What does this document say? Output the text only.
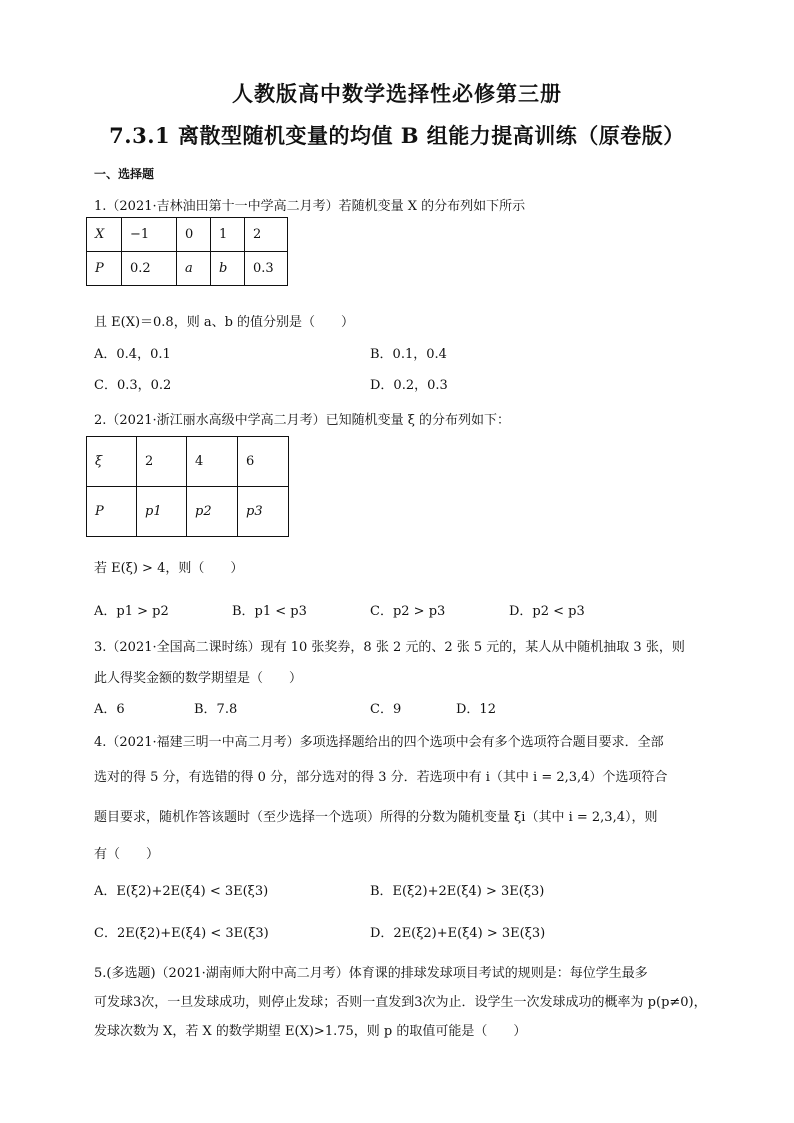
人教版高中数学选择性必修第三册
7.3.1 离散型随机变量的均值 B 组能力提高训练（原卷版）
一、选择题
1.（2021·吉林油田第十一中学高二月考）若随机变量 X 的分布列如下所示
X	−1	0	1	2
P	0.2	a	b	0.3
且 E(X)＝0.8，则 a、b 的值分别是（　　）
A．0.4，0.1	B．0.1，0.4
C．0.3，0.2	D．0.2，0.3
2.（2021·浙江丽水高级中学高二月考）已知随机变量 ξ 的分布列如下：
ξ	2	4	6
P	p1	p2	p3
若 E(ξ) > 4，则（　　）
A．p1 > p2	B．p1 < p3	C．p2 > p3	D．p2 < p3
3.（2021·全国高二课时练）现有 10 张奖券，8 张 2 元的、2 张 5 元的，某人从中随机抽取 3 张，则
此人得奖金额的数学期望是（　　）
A．6	B．7.8	C．9	D．12
4.（2021·福建三明一中高二月考）多项选择题给出的四个选项中会有多个选项符合题目要求．全部
选对的得 5 分，有选错的得 0 分，部分选对的得 3 分．若选项中有 i（其中 i = 2,3,4）个选项符合
题目要求，随机作答该题时（至少选择一个选项）所得的分数为随机变量 ξi（其中 i = 2,3,4），则
有（　　）
A．E(ξ2)+2E(ξ4) < 3E(ξ3)	B．E(ξ2)+2E(ξ4) > 3E(ξ3)
C．2E(ξ2)+E(ξ4) < 3E(ξ3)	D．2E(ξ2)+E(ξ4) > 3E(ξ3)
5.(多选题)（2021·湖南师大附中高二月考）体育课的排球发球项目考试的规则是：每位学生最多
可发球3次，一旦发球成功，则停止发球；否则一直发到3次为止．设学生一次发球成功的概率为 p(p≠0)，
发球次数为 X，若 X 的数学期望 E(X)>1.75，则 p 的取值可能是（　　）
